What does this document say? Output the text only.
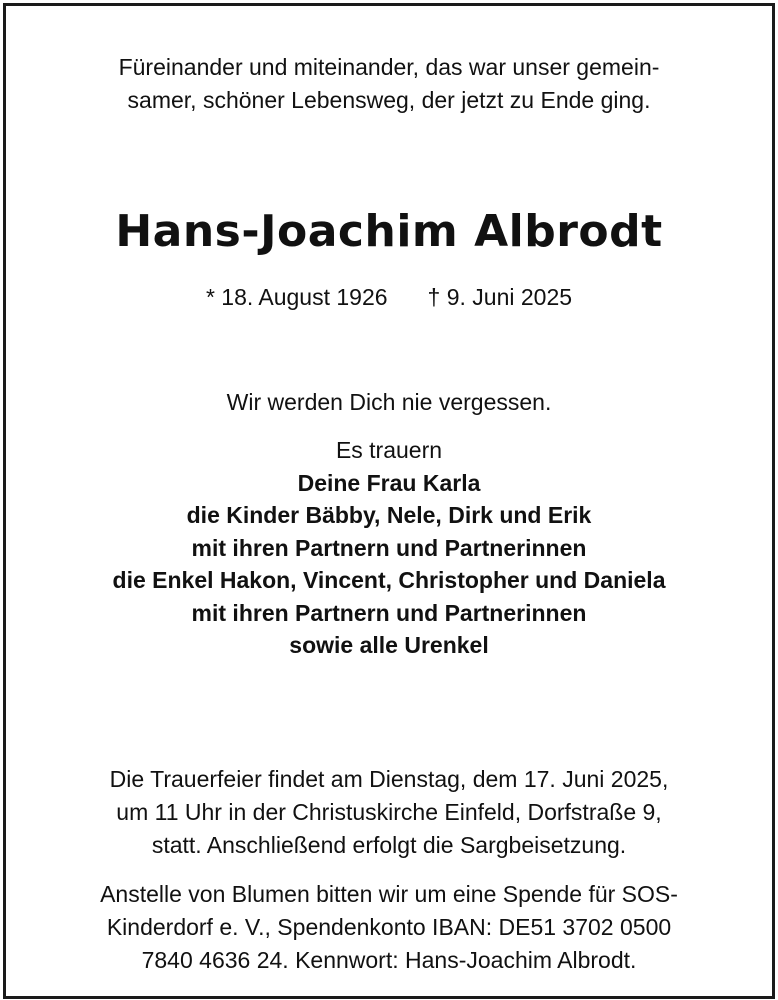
Füreinander und miteinander, das war unser gemein-
samer, schöner Lebensweg, der jetzt zu Ende ging.
Hans-Joachim Albrodt
* 18. August 1926 † 9. Juni 2025
Wir werden Dich nie vergessen.
Es trauern
Deine Frau Karla
die Kinder Bäbby, Nele, Dirk und Erik
mit ihren Partnern und Partnerinnen
die Enkel Hakon, Vincent, Christopher und Daniela
mit ihren Partnern und Partnerinnen
sowie alle Urenkel
Die Trauerfeier findet am Dienstag, dem 17. Juni 2025,
um 11 Uhr in der Christuskirche Einfeld, Dorfstraße 9,
statt. Anschließend erfolgt die Sargbeisetzung.
Anstelle von Blumen bitten wir um eine Spende für SOS-
Kinderdorf e. V., Spendenkonto IBAN: DE51 3702 0500
7840 4636 24. Kennwort: Hans-Joachim Albrodt.
